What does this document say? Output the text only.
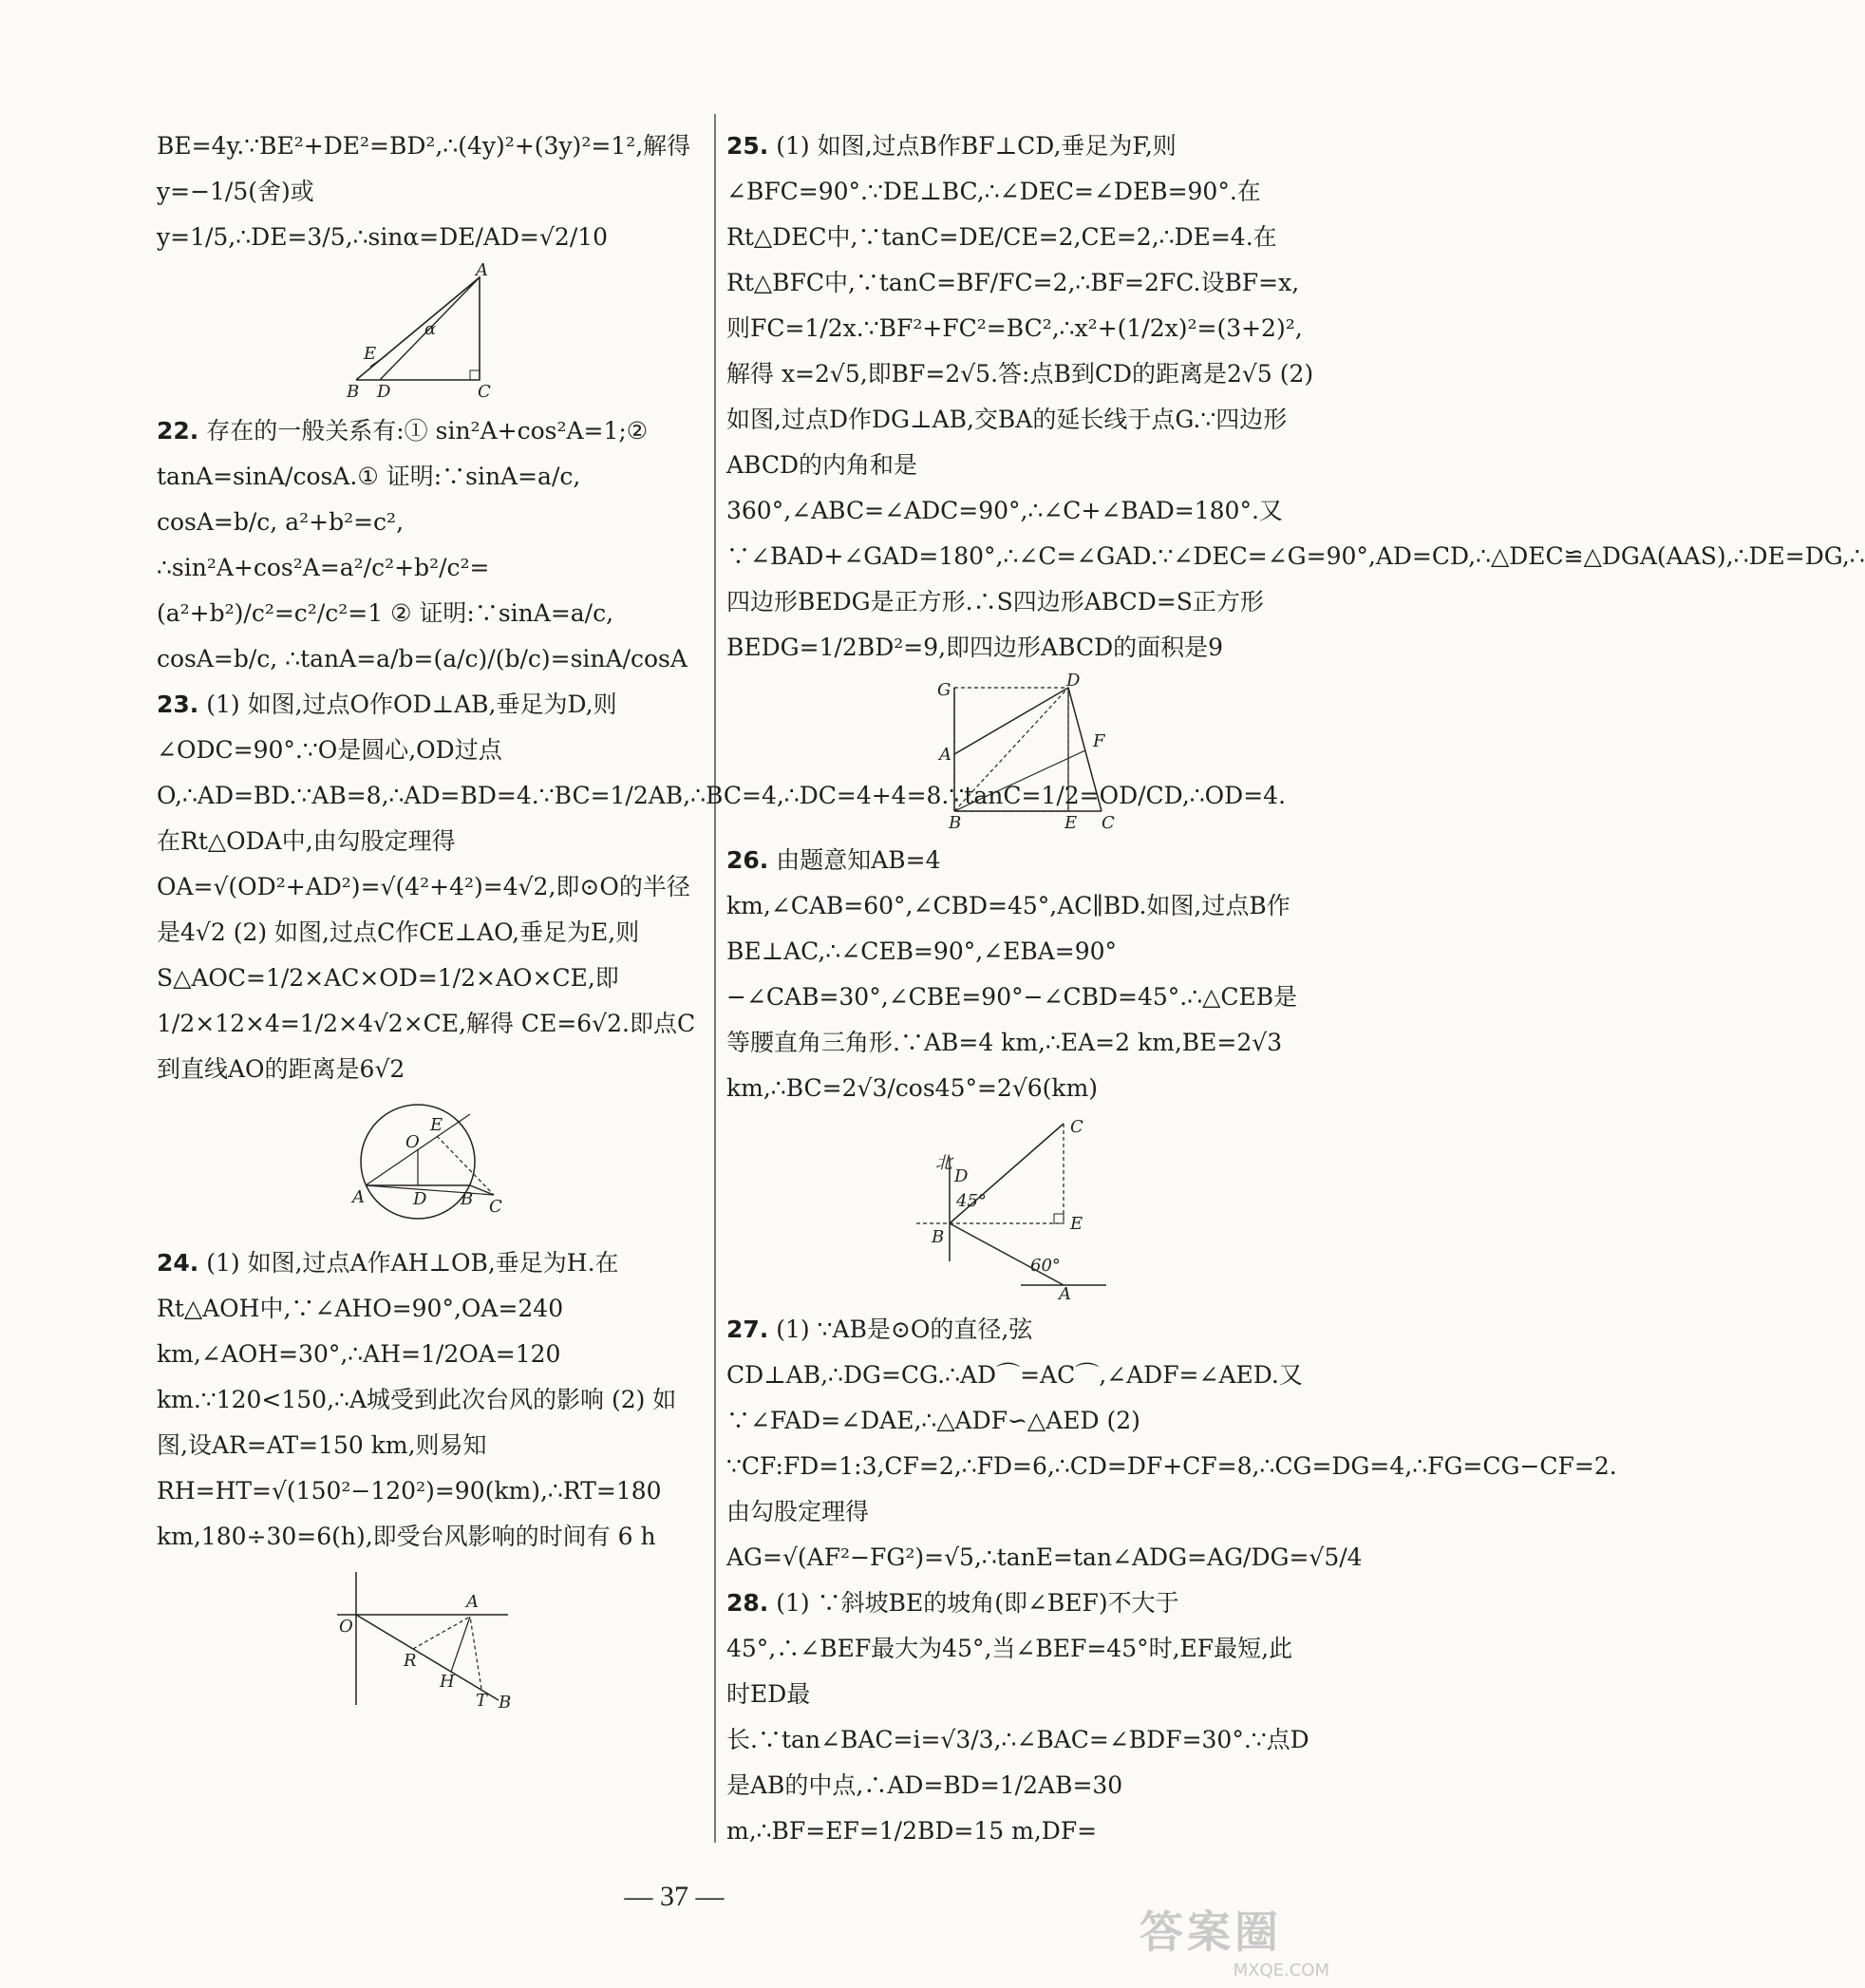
BE=4y.∵BE²+DE²=BD²,∴(4y)²+(3y)²=1²,解得 y=−1/5(舍)或 y=1/5,∴DE=3/5,∴sinα=DE/AD=√2/10

A
α
E
B D	C

22. 存在的一般关系有:① sin²A+cos²A=1;② tanA=sinA/cosA.① 证明:∵sinA=a/c, cosA=b/c, a²+b²=c², ∴sin²A+cos²A=a²/c²+b²/c²=(a²+b²)/c²=c²/c²=1 ② 证明:∵sinA=a/c, cosA=b/c, ∴tanA=a/b=(a/c)/(b/c)=sinA/cosA

23. (1) 如图,过点O作OD⊥AB,垂足为D,则∠ODC=90°.∵O是圆心,OD过点O,∴AD=BD.∵AB=8,∴AD=BD=4.∵BC=1/2AB,∴BC=4,∴DC=4+4=8.∵tanC=1/2=OD/CD,∴OD=4.在Rt△ODA中,由勾股定理得 OA=√(OD²+AD²)=√(4²+4²)=4√2,即⊙O的半径是4√2 (2) 如图,过点C作CE⊥AO,垂足为E,则S△AOC=1/2×AC×OD=1/2×AO×CE,即1/2×12×4=1/2×4√2×CE,解得 CE=6√2.即点C到直线AO的距离是6√2

E
O
A	D B C

24. (1) 如图,过点A作AH⊥OB,垂足为H.在Rt△AOH中,∵∠AHO=90°,OA=240 km,∠AOH=30°,∴AH=1/2OA=120 km.∵120<150,∴A城受到此次台风的影响 (2) 如图,设AR=AT=150 km,则易知 RH=HT=√(150²−120²)=90(km),∴RT=180 km,180÷30=6(h),即受台风影响的时间有 6 h

O
A
R
H
T B

25. (1) 如图,过点B作BF⊥CD,垂足为F,则∠BFC=90°.∵DE⊥BC,∴∠DEC=∠DEB=90°.在Rt△DEC中,∵tanC=DE/CE=2,CE=2,∴DE=4.在Rt△BFC中,∵tanC=BF/FC=2,∴BF=2FC.设BF=x,则FC=1/2x.∵BF²+FC²=BC²,∴x²+(1/2x)²=(3+2)²,解得 x=2√5,即BF=2√5.答:点B到CD的距离是2√5 (2) 如图,过点D作DG⊥AB,交BA的延长线于点G.∵四边形ABCD的内角和是360°,∠ABC=∠ADC=90°,∴∠C+∠BAD=180°.又∵∠BAD+∠GAD=180°,∴∠C=∠GAD.∵∠DEC=∠G=90°,AD=CD,∴△DEC≌△DGA(AAS),∴DE=DG,∴四边形BEDG是正方形.∴S四边形ABCD=S正方形BEDG=1/2BD²=9,即四边形ABCD的面积是9

G	D
F
A
B	E C

26. 由题意知AB=4 km,∠CAB=60°,∠CBD=45°,AC∥BD.如图,过点B作BE⊥AC,∴∠CEB=90°,∠EBA=90°−∠CAB=30°,∠CBE=90°−∠CBD=45°.∴△CEB是等腰直角三角形.∵AB=4 km,∴EA=2 km,BE=2√3 km,∴BC=2√3/cos45°=2√6(km)

C
北
D
45°
E
B
60°
A

27. (1) ∵AB是⊙O的直径,弦CD⊥AB,∴DG=CG.∴AD⌒=AC⌒,∠ADF=∠AED.又∵∠FAD=∠DAE,∴△ADF∽△AED (2) ∵CF:FD=1:3,CF=2,∴FD=6,∴CD=DF+CF=8,∴CG=DG=4,∴FG=CG−CF=2.由勾股定理得 AG=√(AF²−FG²)=√5,∴tanE=tan∠ADG=AG/DG=√5/4

28. (1) ∵斜坡BE的坡角(即∠BEF)不大于45°,∴∠BEF最大为45°,当∠BEF=45°时,EF最短,此时ED最长.∵tan∠BAC=i=√3/3,∴∠BAC=∠BDF=30°.∵点D是AB的中点,∴AD=BD=1/2AB=30 m,∴BF=EF=1/2BD=15 m,DF=

— 37 —
答案圈
MXQE.COM
